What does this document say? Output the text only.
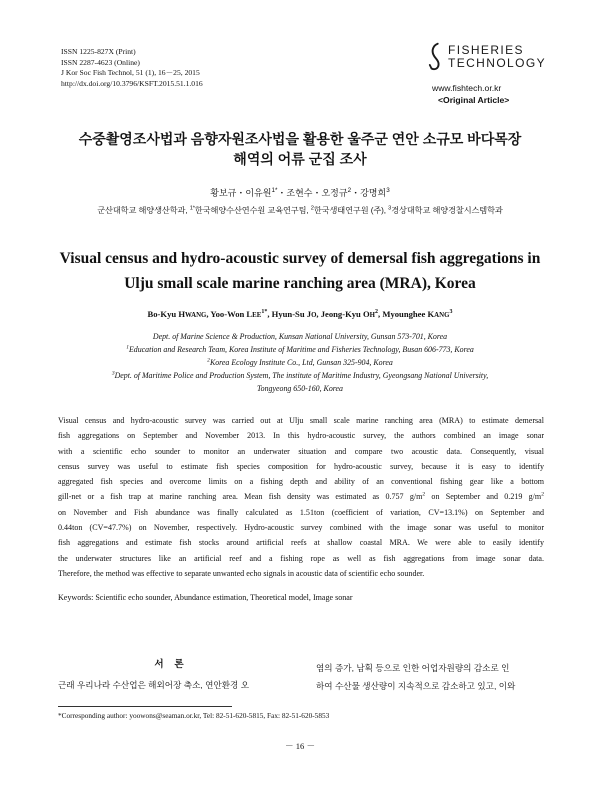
ISSN 1225-827X (Print)
ISSN 2287-4623 (Online)
J Kor Soc Fish Technol, 51 (1), 16－25, 2015
http://dx.doi.org/10.3796/KSFT.2015.51.1.016
FISHERIES
TECHNOLOGY
www.fishtech.or.kr
<Original Article>
수중촬영조사법과 음향자원조사법을 활용한 울주군 연안 소규모 바다목장
해역의 어류 군집 조사
황보규・이유원$^{1*}$・조현수・오정규$^2$・강명희$^3$
군산대학교 해양생산학과, $^{1*}$한국해양수산연수원 교육연구팀, $^2$한국생태연구원 (주), $^3$경상대학교 해양경찰시스템학과
Visual census and hydro-acoustic survey of demersal fish aggregations in
Ulju small scale marine ranching area (MRA), Korea
Bo-Kyu HWANG, Yoo-Won $LEE^{1*}$, Hyun-Su JO, Jeong-Kyu $OH^2$, Myounghee KANG$^3$
Dept. of Marine Science & Production, Kunsan National University, Gunsan 573-701, Korea
$^1$Education and Research Team, Korea Institute of Maritime and Fisheries Technology, Busan 606-773, Korea
$^2$Korea Ecology Institute Co., Ltd, Gunsan 325-904, Korea
$^3$Dept. of Maritime Police and Production System, The institute of Maritime Industry, Gyeongsang National University,
Tongyeong 650-160, Korea
Visual census and hydro-acoustic survey was carried out at Ulju small scale marine ranching area (MRA) to estimate demersal
fish aggregations on September and November 2013. In this hydro-acoustic survey, the authors combined an image sonar
with a scientific echo sounder to monitor an underwater situation and compare two acoustic data. Consequently, visual
census survey was useful to estimate fish species composition for hydro-acoustic survey, because it is easy to identify
aggregated fish species and overcome limits on a fishing depth and ability of an conventional fishing gear like a bottom
gill-net or a fish trap at marine ranching area. Mean fish density was estimated as 0.757 $g/m^2$ on September and 0.219 $g/m^2$
on November and Fish abundance was finally calculated as 1.51ton (coefficient of variation, CV=13.1%) on September and
0.44ton (CV=47.7%) on November, respectively. Hydro-acoustic survey combined with the image sonar was useful to monitor
fish aggregations and estimate fish stocks around artificial reefs at shallow coastal MRA. We were able to easily identify
the underwater structures like an artificial reef and a fishing rope as well as fish aggregations from image sonar data.
Therefore, the method was effective to separate unwanted echo signals in acoustic data of scientific echo sounder.
Keywords: Scientific echo sounder, Abundance estimation, Theoretical model, Image sonar
서 론
근래 우리나라 수산업은 해외어장 축소, 연안환경 오
염의 증가, 남획 등으로 인한 어업자원량의 감소로 인
하여 수산물 생산량이 지속적으로 감소하고 있고, 이와
*Corresponding author: yoowons@seaman.or.kr, Tel: 82-51-620-5815, Fax: 82-51-620-5853
－ 16 －
